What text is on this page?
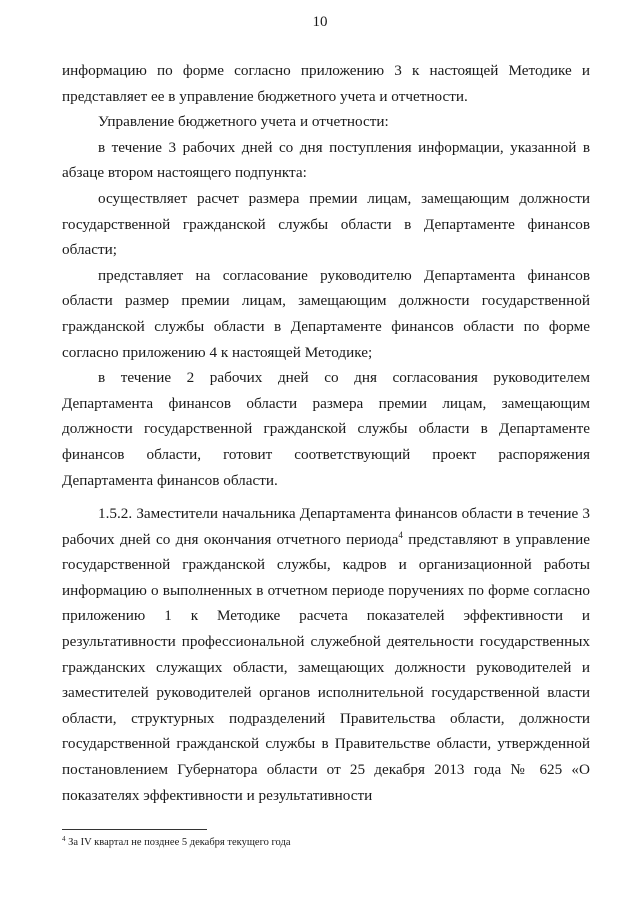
10

информацию по форме согласно приложению 3 к настоящей Методике и представляет ее в управление бюджетного учета и отчетности.

Управление бюджетного учета и отчетности:

в течение 3 рабочих дней со дня поступления информации, указанной в абзаце втором настоящего подпункта:

осуществляет расчет размера премии лицам, замещающим должности государственной гражданской службы области в Департаменте финансов области;

представляет на согласование руководителю Департамента финансов области размер премии лицам, замещающим должности государственной гражданской службы области в Департаменте финансов области по форме согласно приложению 4 к настоящей Методике;

в течение 2 рабочих дней со дня согласования руководителем Департамента финансов области размера премии лицам, замещающим должности государственной гражданской службы области в Департаменте финансов области, готовит соответствующий проект распоряжения Департамента финансов области.

1.5.2. Заместители начальника Департамента финансов области в течение 3 рабочих дней со дня окончания отчетного периода$^4$ представляют в управление государственной гражданской службы, кадров и организационной работы информацию о выполненных в отчетном периоде поручениях по форме согласно приложению 1 к Методике расчета показателей эффективности и результативности профессиональной служебной деятельности государственных гражданских служащих области, замещающих должности руководителей и заместителей руководителей органов исполнительной государственной власти области, структурных подразделений Правительства области, должности государственной гражданской службы в Правительстве области, утвержденной постановлением Губернатора области от 25 декабря 2013 года № 625 «О показателях эффективности и результативности

$^4$ За IV квартал не позднее 5 декабря текущего года
